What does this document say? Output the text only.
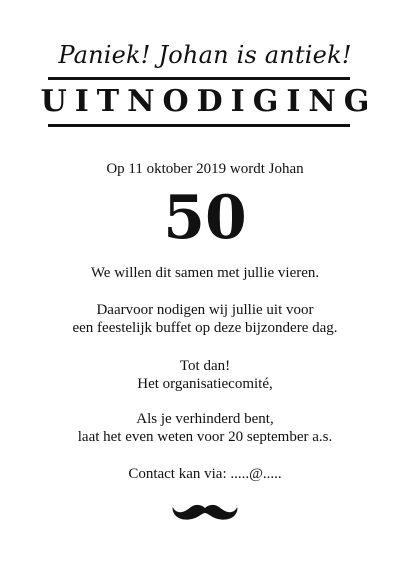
Paniek! Johan is antiek!
UITNODIGING
Op 11 oktober 2019 wordt Johan
50
We willen dit samen met jullie vieren.
Daarvoor nodigen wij jullie uit voor
een feestelijk buffet op deze bijzondere dag.
Tot dan!
Het organisatiecomité,
Als je verhinderd bent,
laat het even weten voor 20 september a.s.
Contact kan via: .....@.....
